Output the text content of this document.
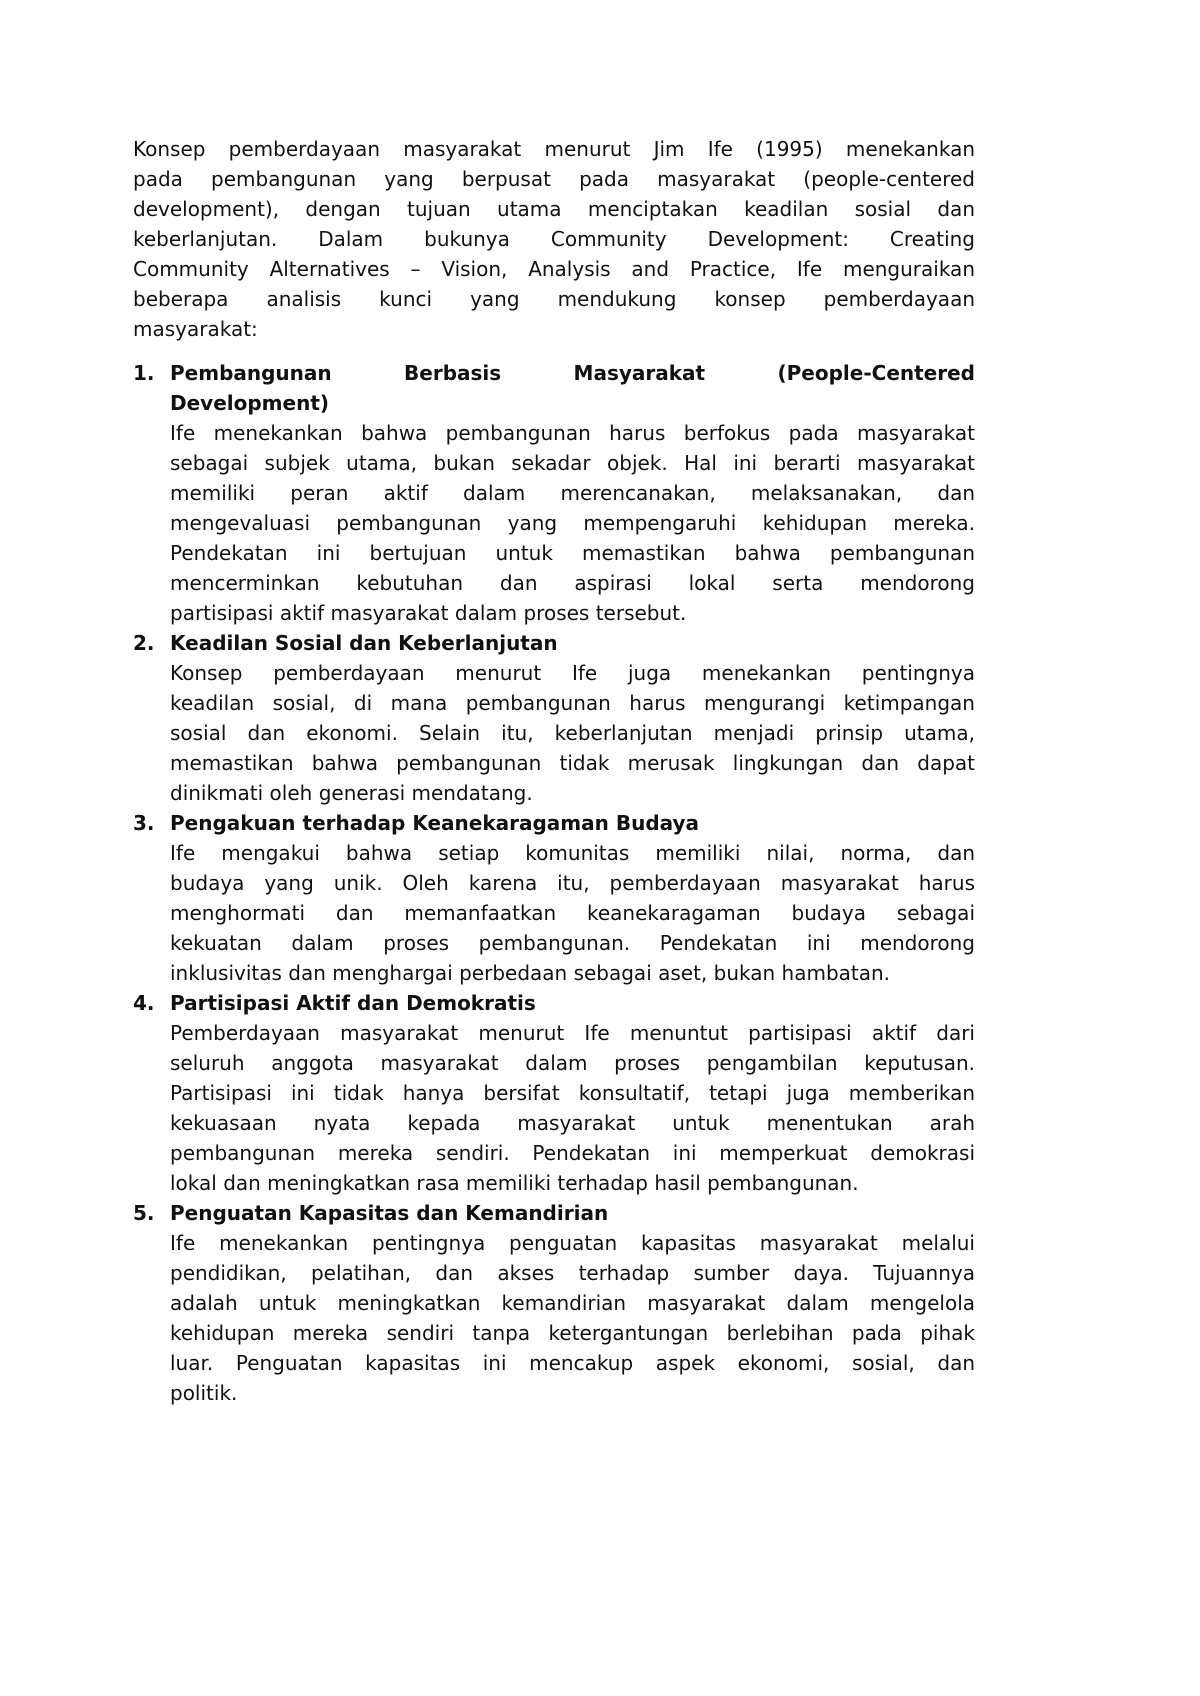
Konsep pemberdayaan masyarakat menurut Jim Ife (1995) menekankan
pada pembangunan yang berpusat pada masyarakat (people-centered
development), dengan tujuan utama menciptakan keadilan sosial dan
keberlanjutan. Dalam bukunya Community Development: Creating
Community Alternatives – Vision, Analysis and Practice, Ife menguraikan
beberapa analisis kunci yang mendukung konsep pemberdayaan
masyarakat:
1. Pembangunan Berbasis Masyarakat (People-Centered
Development)
Ife menekankan bahwa pembangunan harus berfokus pada masyarakat
sebagai subjek utama, bukan sekadar objek. Hal ini berarti masyarakat
memiliki peran aktif dalam merencanakan, melaksanakan, dan
mengevaluasi pembangunan yang mempengaruhi kehidupan mereka.
Pendekatan ini bertujuan untuk memastikan bahwa pembangunan
mencerminkan kebutuhan dan aspirasi lokal serta mendorong
partisipasi aktif masyarakat dalam proses tersebut.
2. Keadilan Sosial dan Keberlanjutan
Konsep pemberdayaan menurut Ife juga menekankan pentingnya
keadilan sosial, di mana pembangunan harus mengurangi ketimpangan
sosial dan ekonomi. Selain itu, keberlanjutan menjadi prinsip utama,
memastikan bahwa pembangunan tidak merusak lingkungan dan dapat
dinikmati oleh generasi mendatang.
3. Pengakuan terhadap Keanekaragaman Budaya
Ife mengakui bahwa setiap komunitas memiliki nilai, norma, dan
budaya yang unik. Oleh karena itu, pemberdayaan masyarakat harus
menghormati dan memanfaatkan keanekaragaman budaya sebagai
kekuatan dalam proses pembangunan. Pendekatan ini mendorong
inklusivitas dan menghargai perbedaan sebagai aset, bukan hambatan.
4. Partisipasi Aktif dan Demokratis
Pemberdayaan masyarakat menurut Ife menuntut partisipasi aktif dari
seluruh anggota masyarakat dalam proses pengambilan keputusan.
Partisipasi ini tidak hanya bersifat konsultatif, tetapi juga memberikan
kekuasaan nyata kepada masyarakat untuk menentukan arah
pembangunan mereka sendiri. Pendekatan ini memperkuat demokrasi
lokal dan meningkatkan rasa memiliki terhadap hasil pembangunan.
5. Penguatan Kapasitas dan Kemandirian
Ife menekankan pentingnya penguatan kapasitas masyarakat melalui
pendidikan, pelatihan, dan akses terhadap sumber daya. Tujuannya
adalah untuk meningkatkan kemandirian masyarakat dalam mengelola
kehidupan mereka sendiri tanpa ketergantungan berlebihan pada pihak
luar. Penguatan kapasitas ini mencakup aspek ekonomi, sosial, dan
politik.
